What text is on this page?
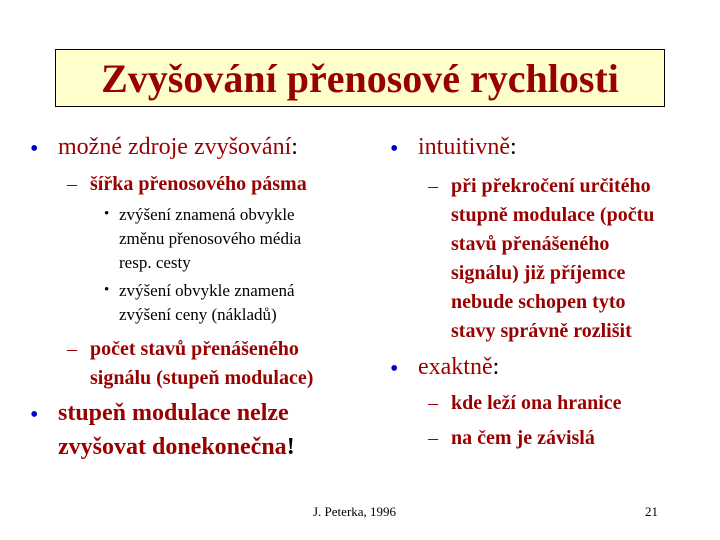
Zvyšování přenosové rychlosti
• možné zdroje zvyšování:
– šířka přenosového pásma
• zvýšení znamená obvykle
změnu přenosového média
resp. cesty
• zvýšení obvykle znamená
zvýšení ceny (nákladů)
– počet stavů přenášeného
signálu (stupeň modulace)
• stupeň modulace nelze
zvyšovat donekonečna!
• intuitivně:
– při překročení určitého
stupně modulace (počtu
stavů přenášeného
signálu) již příjemce
nebude schopen tyto
stavy správně rozlišit
• exaktně:
– kde leží ona hranice
– na čem je závislá
J. Peterka, 1996	21
